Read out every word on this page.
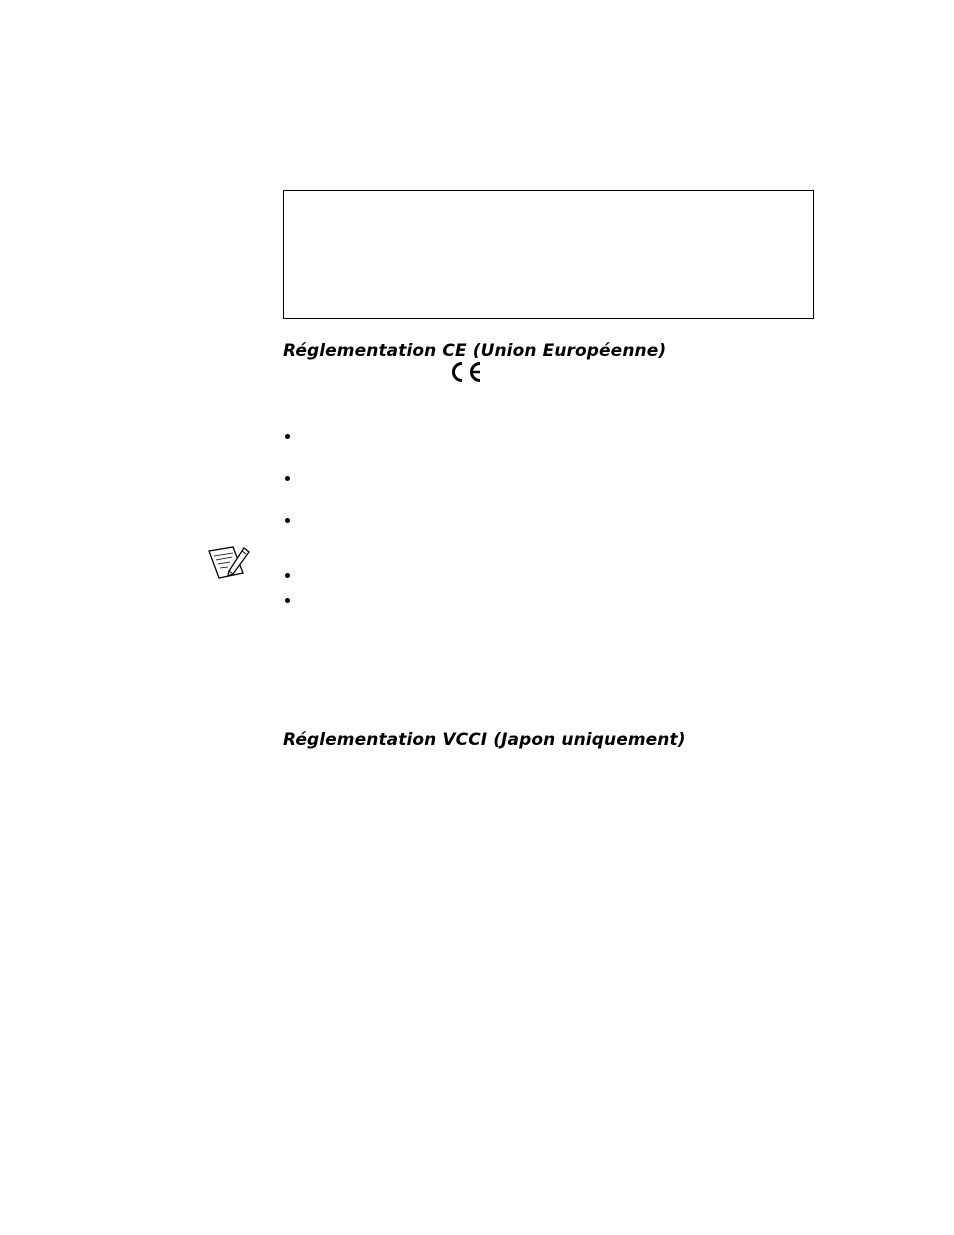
Réglementation CE (Union Européenne)
Réglementation VCCI (Japon uniquement)
